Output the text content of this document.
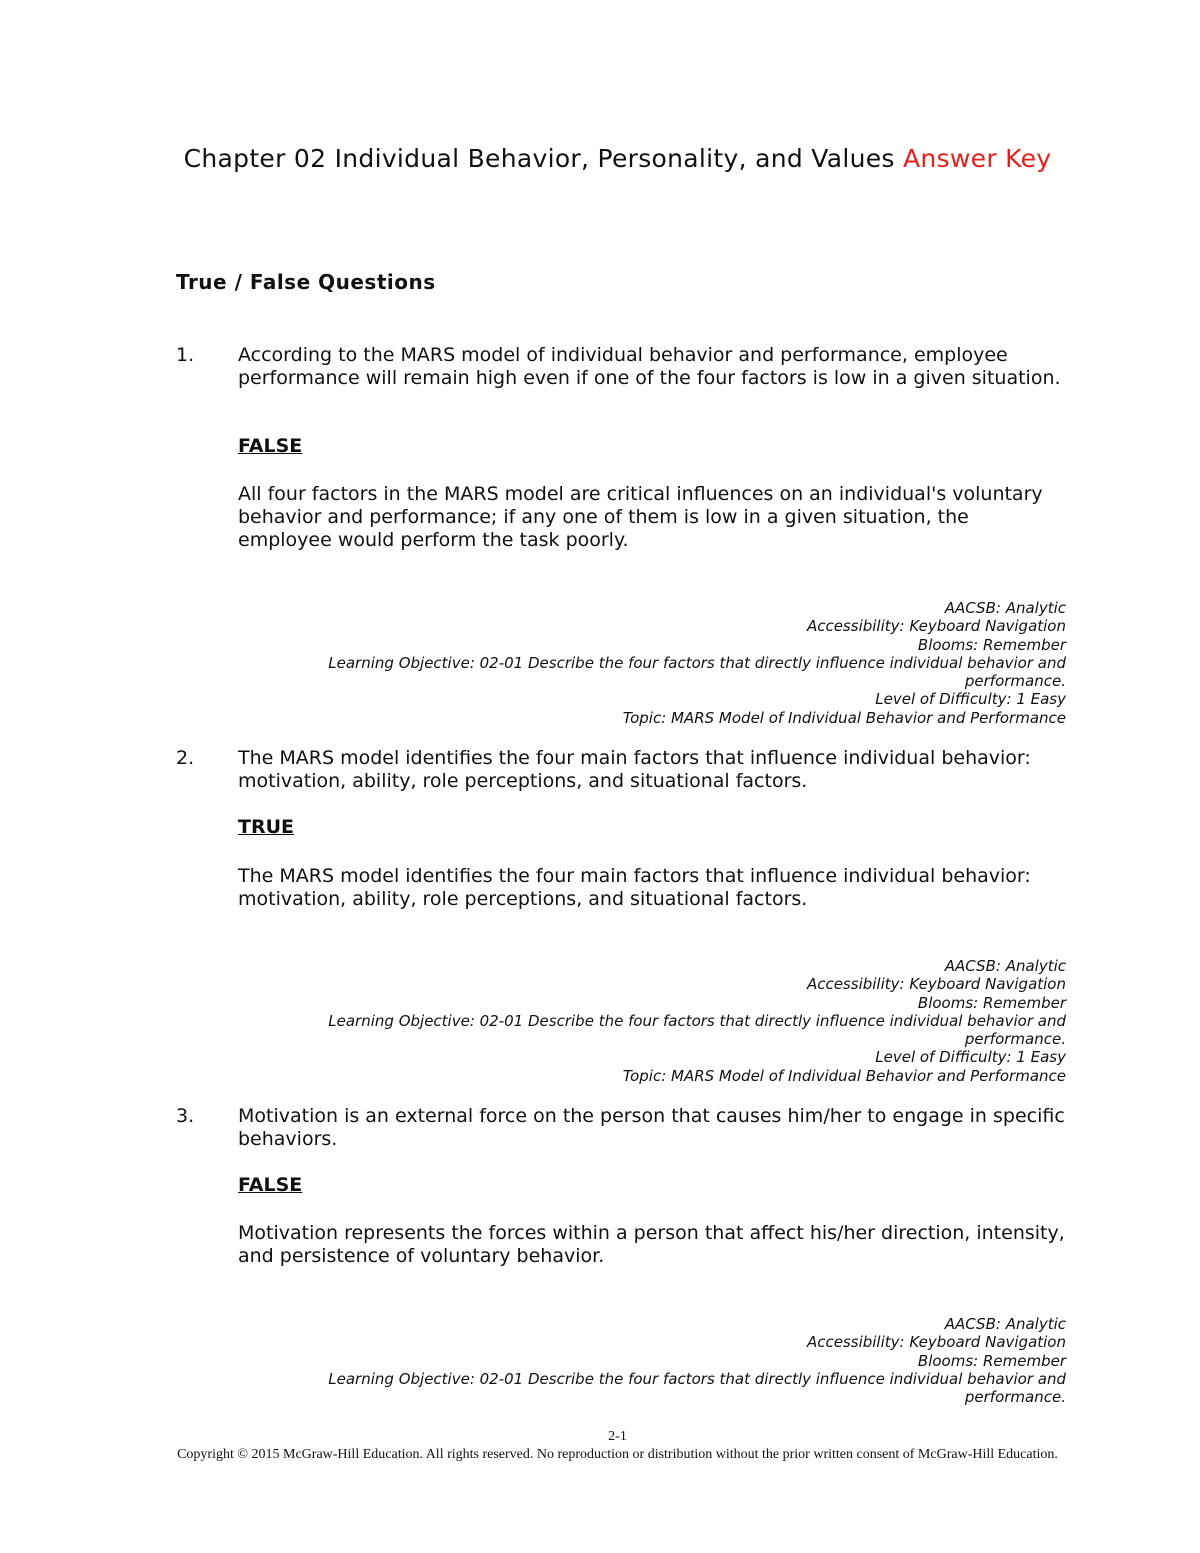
Chapter 02 Individual Behavior, Personality, and Values Answer Key
True / False Questions
1. According to the MARS model of individual behavior and performance, employee performance will remain high even if one of the four factors is low in a given situation.
FALSE
All four factors in the MARS model are critical influences on an individual's voluntary behavior and performance; if any one of them is low in a given situation, the employee would perform the task poorly.
AACSB: Analytic
Accessibility: Keyboard Navigation
Blooms: Remember
Learning Objective: 02-01 Describe the four factors that directly influence individual behavior and performance.
Level of Difficulty: 1 Easy
Topic: MARS Model of Individual Behavior and Performance
2. The MARS model identifies the four main factors that influence individual behavior: motivation, ability, role perceptions, and situational factors.
TRUE
The MARS model identifies the four main factors that influence individual behavior: motivation, ability, role perceptions, and situational factors.
AACSB: Analytic
Accessibility: Keyboard Navigation
Blooms: Remember
Learning Objective: 02-01 Describe the four factors that directly influence individual behavior and performance.
Level of Difficulty: 1 Easy
Topic: MARS Model of Individual Behavior and Performance
3. Motivation is an external force on the person that causes him/her to engage in specific behaviors.
FALSE
Motivation represents the forces within a person that affect his/her direction, intensity, and persistence of voluntary behavior.
AACSB: Analytic
Accessibility: Keyboard Navigation
Blooms: Remember
Learning Objective: 02-01 Describe the four factors that directly influence individual behavior and performance.
2-1
Copyright © 2015 McGraw-Hill Education. All rights reserved. No reproduction or distribution without the prior written consent of McGraw-Hill Education.
